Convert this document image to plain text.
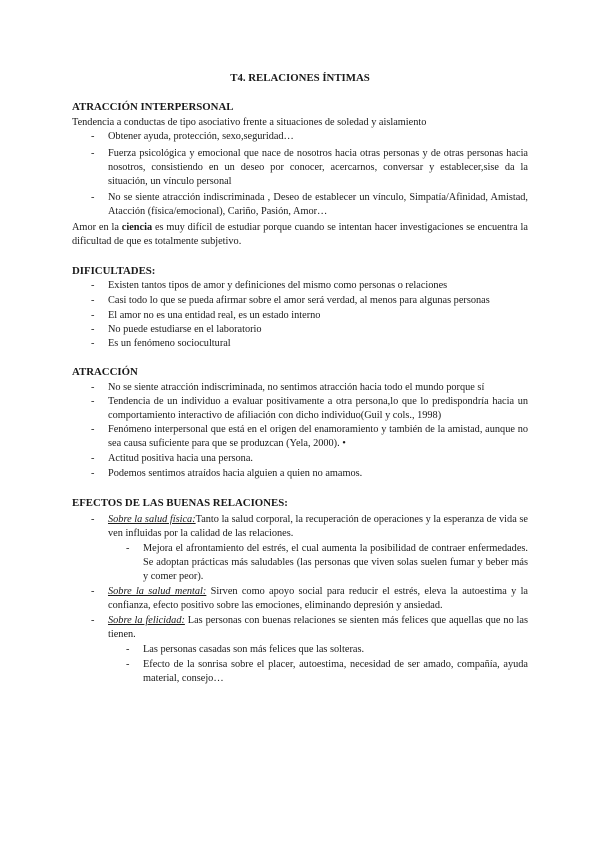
T4. RELACIONES ÍNTIMAS
ATRACCIÓN INTERPERSONAL
Tendencia a conductas de tipo asociativo frente a situaciones de soledad y aislamiento
- Obtener ayuda, protección, sexo,seguridad…
- Fuerza psicológica y emocional que nace de nosotros hacia otras personas y de otras personas hacia nosotros, consistiendo en un deseo por conocer, acercarnos, conversar y establecer,sise da la situación, un vínculo personal
- No se siente atracción indiscriminada , Deseo de establecer un vínculo, Simpatía/Afinidad, Amistad, Atacción (física/emocional), Cariño, Pasión, Amor…
Amor en la ciencia es muy difícil de estudiar porque cuando se intentan hacer investigaciones se encuentra la dificultad de que es totalmente subjetivo.
DIFICULTADES:
- Existen tantos tipos de amor y definiciones del mismo como personas o relaciones
- Casi todo lo que se pueda afirmar sobre el amor será verdad, al menos para algunas personas
- El amor no es una entidad real, es un estado interno
- No puede estudiarse en el laboratorio
- Es un fenómeno sociocultural
ATRACCIÓN
- No se siente atracción indiscriminada, no sentimos atracción hacia todo el mundo porque sí
- Tendencia de un individuo a evaluar positivamente a otra persona,lo que lo predispondría hacia un comportamiento interactivo de afiliación con dicho individuo(Guil y cols., 1998)
- Fenómeno interpersonal que está en el origen del enamoramiento y también de la amistad, aunque no sea causa suficiente para que se produzcan (Yela, 2000). •
- Actitud positiva hacia una persona.
- Podemos sentimos atraídos hacia alguien a quien no amamos.
EFECTOS DE LAS BUENAS RELACIONES:
- Sobre la salud física:Tanto la salud corporal, la recuperación de operaciones y la esperanza de vida se ven influidas por la calidad de las relaciones.
- Mejora el afrontamiento del estrés, el cual aumenta la posibilidad de contraer enfermedades. Se adoptan prácticas más saludables (las personas que viven solas suelen fumar y beber más y comer peor).
- Sobre la salud mental: Sirven como apoyo social para reducir el estrés, eleva la autoestima y la confianza, efecto positivo sobre las emociones, eliminando depresión y ansiedad.
- Sobre la felicidad: Las personas con buenas relaciones se sienten más felices que aquellas que no las tienen.
- Las personas casadas son más felices que las solteras.
- Efecto de la sonrisa sobre el placer, autoestima, necesidad de ser amado, compañía, ayuda material, consejo…
